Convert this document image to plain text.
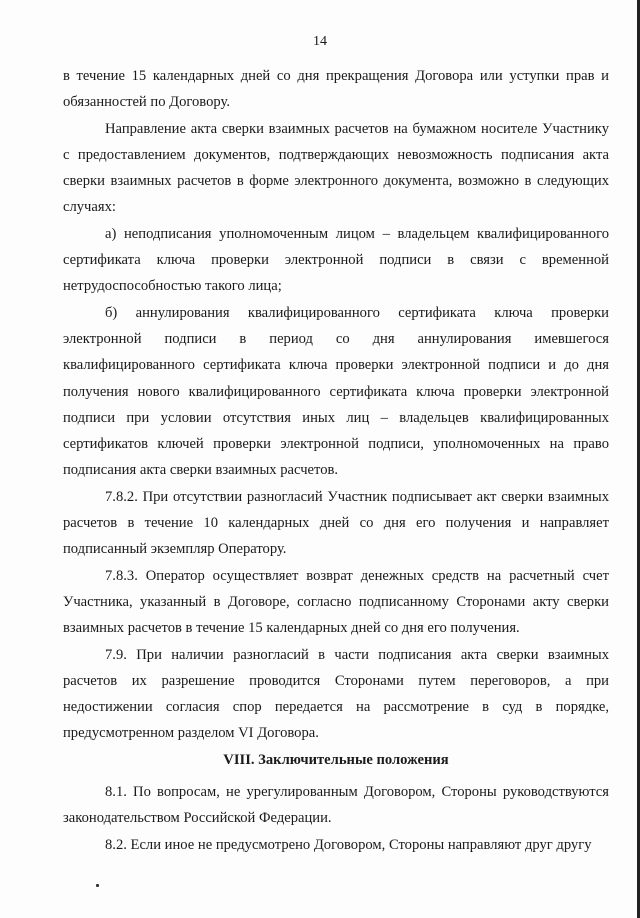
14

в течение 15 календарных дней со дня прекращения Договора или уступки прав и обязанностей по Договору.

Направление акта сверки взаимных расчетов на бумажном носителе Участнику с предоставлением документов, подтверждающих невозможность подписания акта сверки взаимных расчетов в форме электронного документа, возможно в следующих случаях:

а) неподписания уполномоченным лицом – владельцем квалифицированного сертификата ключа проверки электронной подписи в связи с временной нетрудоспособностью такого лица;

б) аннулирования квалифицированного сертификата ключа проверки электронной подписи в период со дня аннулирования имевшегося квалифицированного сертификата ключа проверки электронной подписи и до дня получения нового квалифицированного сертификата ключа проверки электронной подписи при условии отсутствия иных лиц – владельцев квалифицированных сертификатов ключей проверки электронной подписи, уполномоченных на право подписания акта сверки взаимных расчетов.

7.8.2. При отсутствии разногласий Участник подписывает акт сверки взаимных расчетов в течение 10 календарных дней со дня его получения и направляет подписанный экземпляр Оператору.

7.8.3. Оператор осуществляет возврат денежных средств на расчетный счет Участника, указанный в Договоре, согласно подписанному Сторонами акту сверки взаимных расчетов в течение 15 календарных дней со дня его получения.

7.9. При наличии разногласий в части подписания акта сверки взаимных расчетов их разрешение проводится Сторонами путем переговоров, а при недостижении согласия спор передается на рассмотрение в суд в порядке, предусмотренном разделом VI Договора.

VIII. Заключительные положения

8.1. По вопросам, не урегулированным Договором, Стороны руководствуются законодательством Российской Федерации.

8.2. Если иное не предусмотрено Договором, Стороны направляют друг другу
